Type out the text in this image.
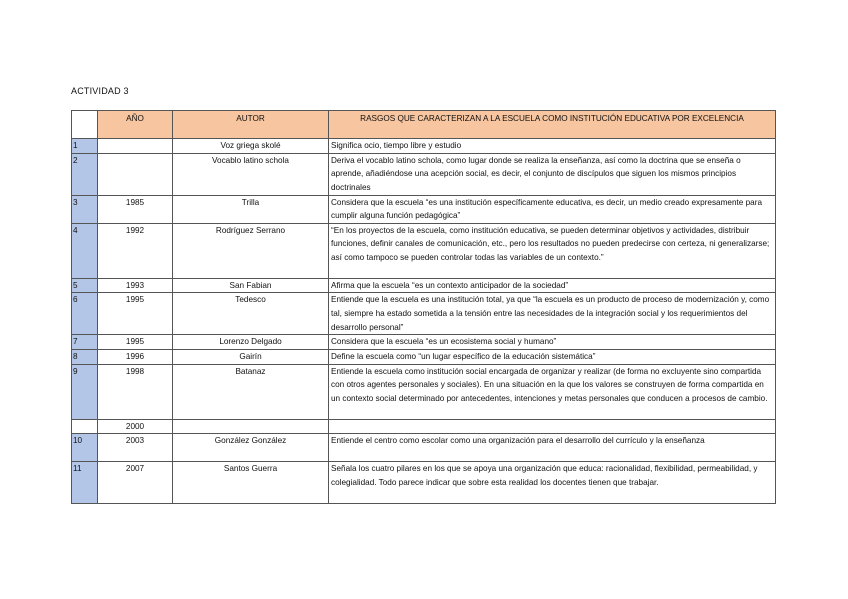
ACTIVIDAD 3
	AÑO	AUTOR	RASGOS QUE CARACTERIZAN A LA ESCUELA COMO INSTITUCIÓN EDUCATIVA POR EXCELENCIA
1		Voz griega skolé	Significa ocio, tiempo libre y estudio
2		Vocablo latino schola	Deriva el vocablo latino schola, como lugar donde se realiza la enseñanza, así como la doctrina que se enseña o aprende, añadiéndose una acepción social, es decir, el conjunto de discípulos que siguen los mismos principios doctrinales
3	1985	Trilla	Considera que la escuela “es una institución específicamente educativa, es decir, un medio creado expresamente para cumplir alguna función pedagógica”
4	1992	Rodríguez Serrano	“En los proyectos de la escuela, como institución educativa, se pueden determinar objetivos y actividades, distribuir funciones, definir canales de comunicación, etc., pero los resultados no pueden predecirse con certeza, ni generalizarse; así como tampoco se pueden controlar todas las variables de un contexto.”
5	1993	San Fabian	Afirma que la escuela “es un contexto anticipador de la sociedad”
6	1995	Tedesco	Entiende que la escuela es una institución total, ya que “la escuela es un producto de proceso de modernización y, como tal, siempre ha estado sometida a la tensión entre las necesidades de la integración social y los requerimientos del desarrollo personal”
7	1995	Lorenzo Delgado	Considera que la escuela “es un ecosistema social y humano”
8	1996	Gairín	Define la escuela como “un lugar específico de la educación sistemática”
9	1998	Batanaz	Entiende la escuela como institución social encargada de organizar y realizar (de forma no excluyente sino compartida con otros agentes personales y sociales). En una situación en la que los valores se construyen de forma compartida en un contexto social determinado por antecedentes, intenciones y metas personales que conducen a procesos de cambio.
	2000		
10	2003	González González	Entiende el centro como escolar como una organización para el desarrollo del currículo y la enseñanza
11	2007	Santos Guerra	Señala los cuatro pilares en los que se apoya una organización que educa: racionalidad, flexibilidad, permeabilidad, y colegialidad. Todo parece indicar que sobre esta realidad los docentes tienen que trabajar.
